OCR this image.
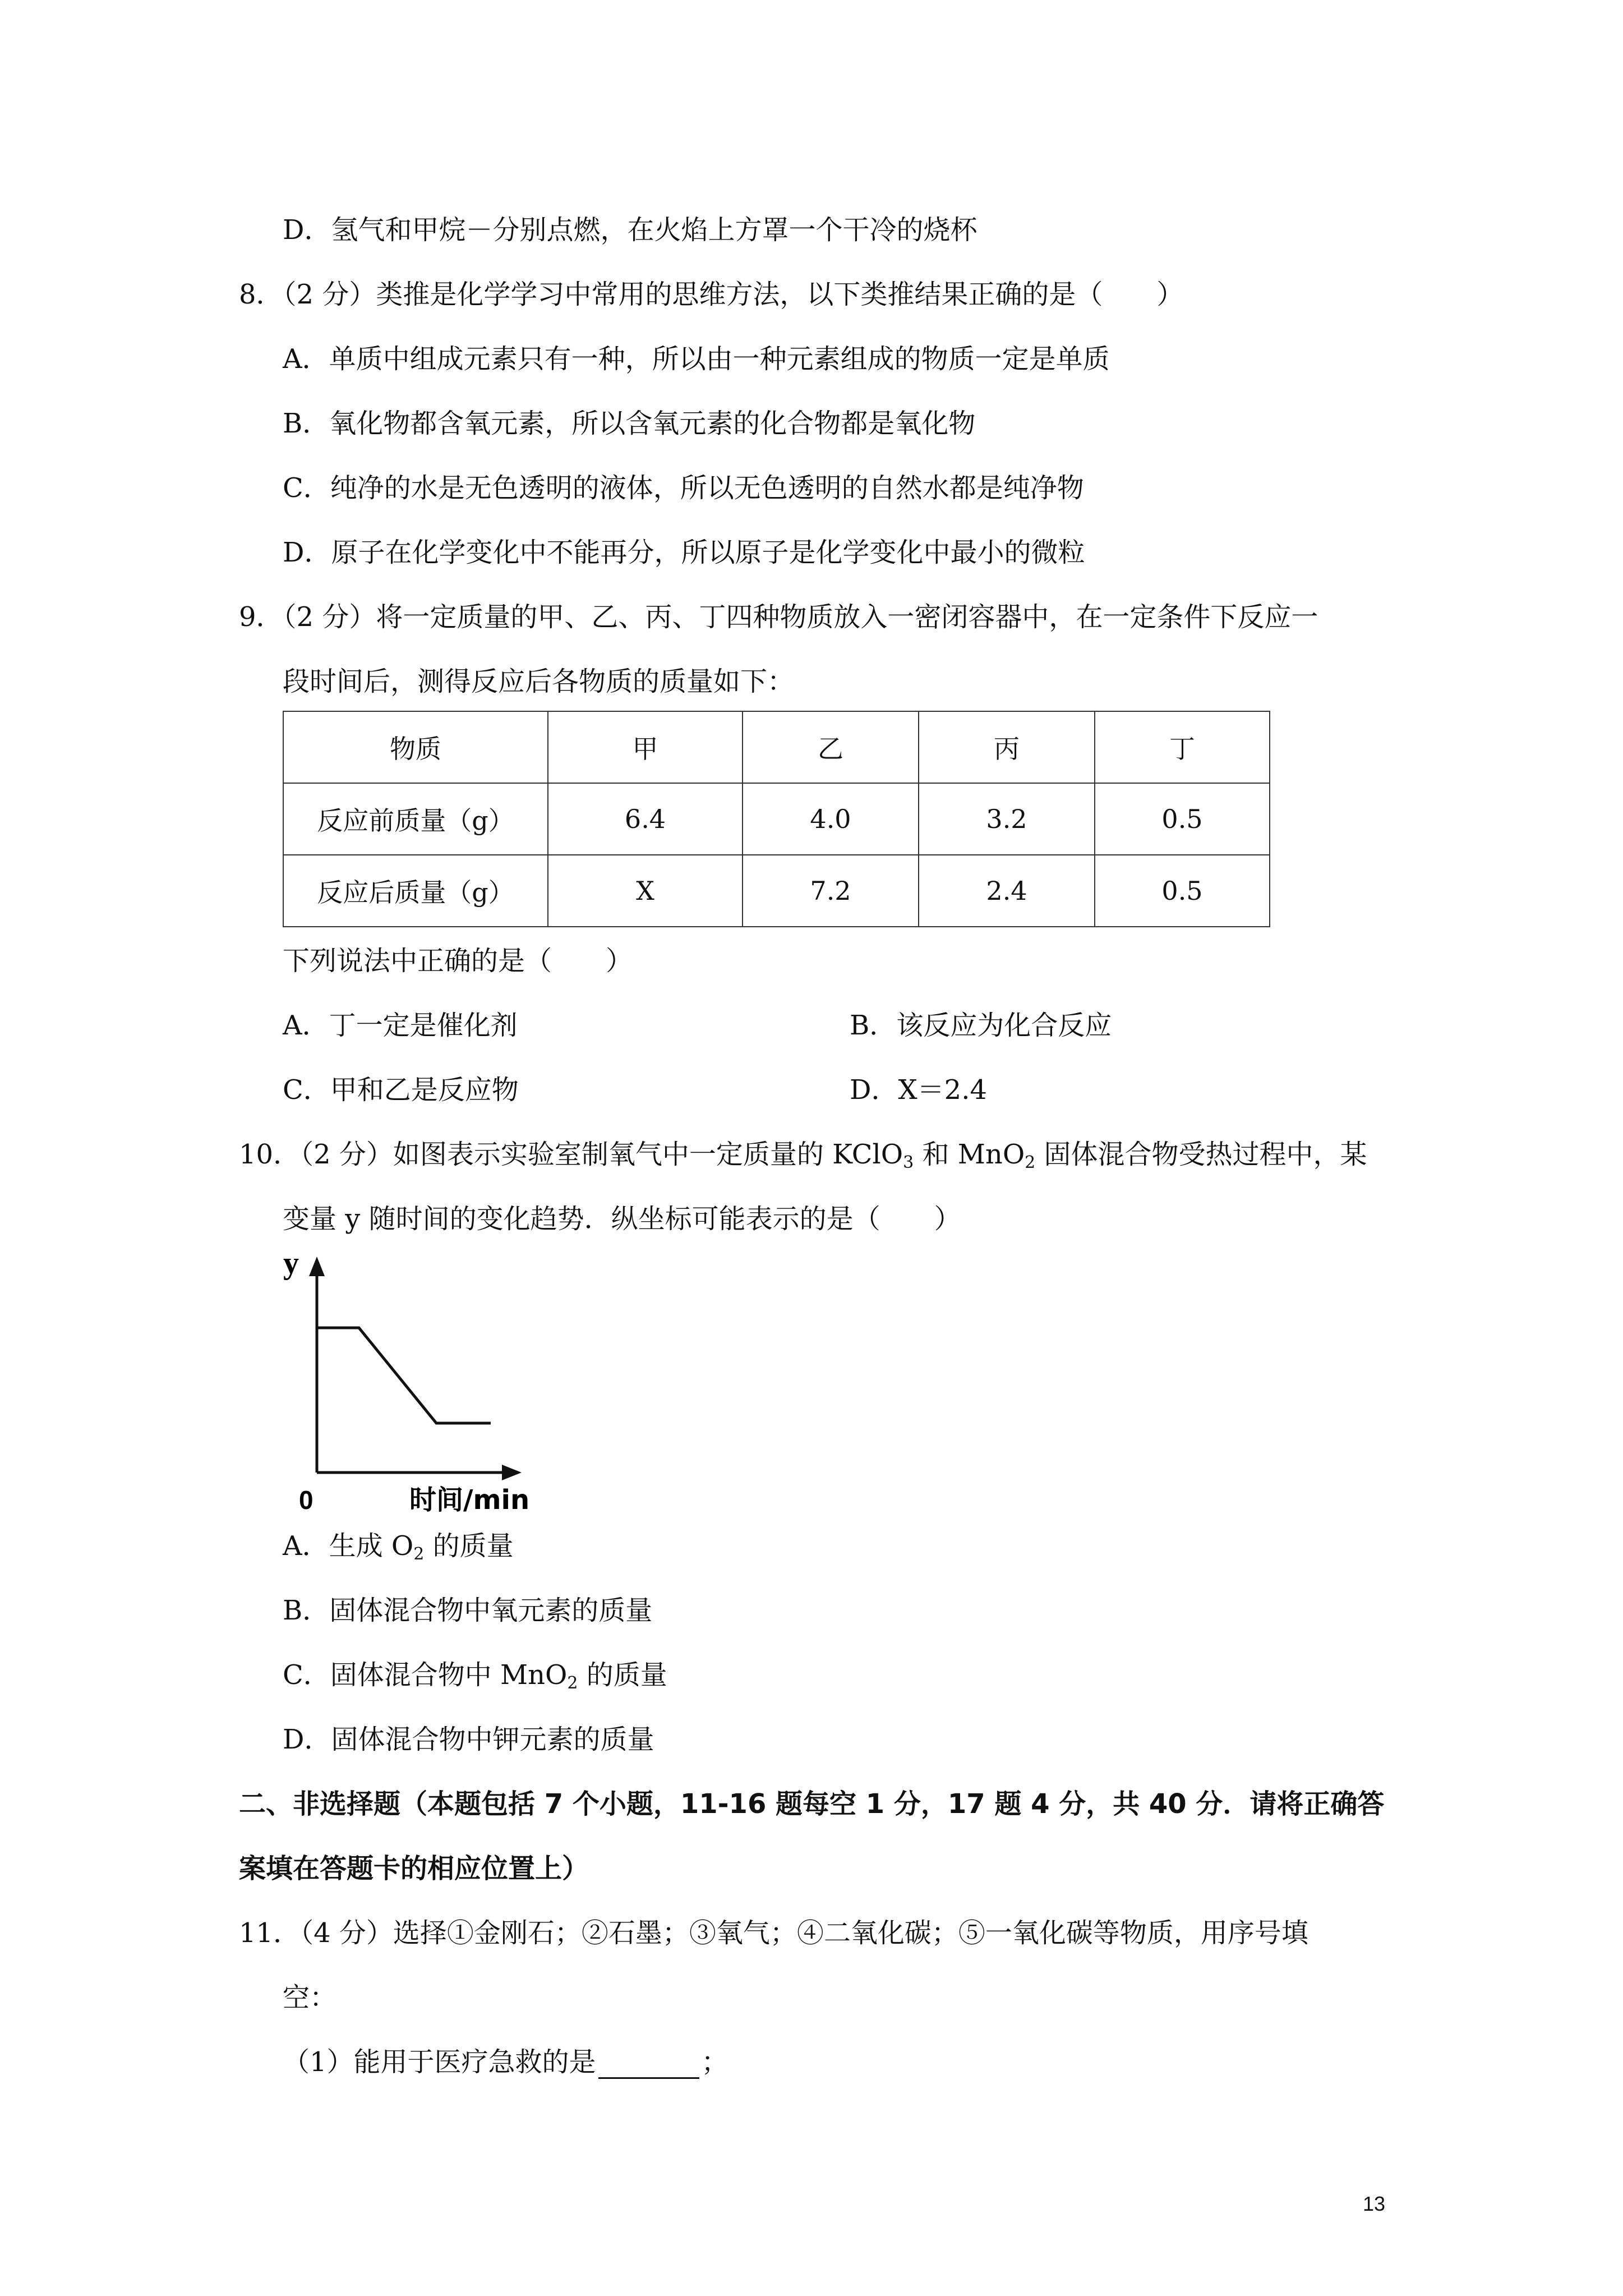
D．氢气和甲烷－分别点燃，在火焰上方罩一个干冷的烧杯
8．（2 分）类推是化学学习中常用的思维方法，以下类推结果正确的是（　　）
A．单质中组成元素只有一种，所以由一种元素组成的物质一定是单质
B．氧化物都含氧元素，所以含氧元素的化合物都是氧化物
C．纯净的水是无色透明的液体，所以无色透明的自然水都是纯净物
D．原子在化学变化中不能再分，所以原子是化学变化中最小的微粒
9．（2 分）将一定质量的甲、乙、丙、丁四种物质放入一密闭容器中，在一定条件下反应一
段时间后，测得反应后各物质的质量如下：
物质	甲	乙	丙	丁
反应前质量（g）	6.4	4.0	3.2	0.5
反应后质量（g）	X	7.2	2.4	0.5
下列说法中正确的是（　　）
A．丁一定是催化剂	B．该反应为化合反应
C．甲和乙是反应物	D．X＝2.4
10．（2 分）如图表示实验室制氧气中一定质量的 KClO$_3$ 和 MnO$_2$ 固体混合物受热过程中，某
变量 y 随时间的变化趋势．纵坐标可能表示的是（　　）
y
0	时间/min
A．生成 $O_2$ 的质量
B．固体混合物中氧元素的质量
C．固体混合物中 MnO$_2$ 的质量
D．固体混合物中钾元素的质量
二、非选择题（本题包括 7 个小题，11-16 题每空 1 分，17 题 4 分，共 40 分．请将正确答
案填在答题卡的相应位置上）
11．（4 分）选择①金刚石；②石墨；③氧气；④二氧化碳；⑤一氧化碳等物质，用序号填
空：
（1）能用于医疗急救的是	；
13
